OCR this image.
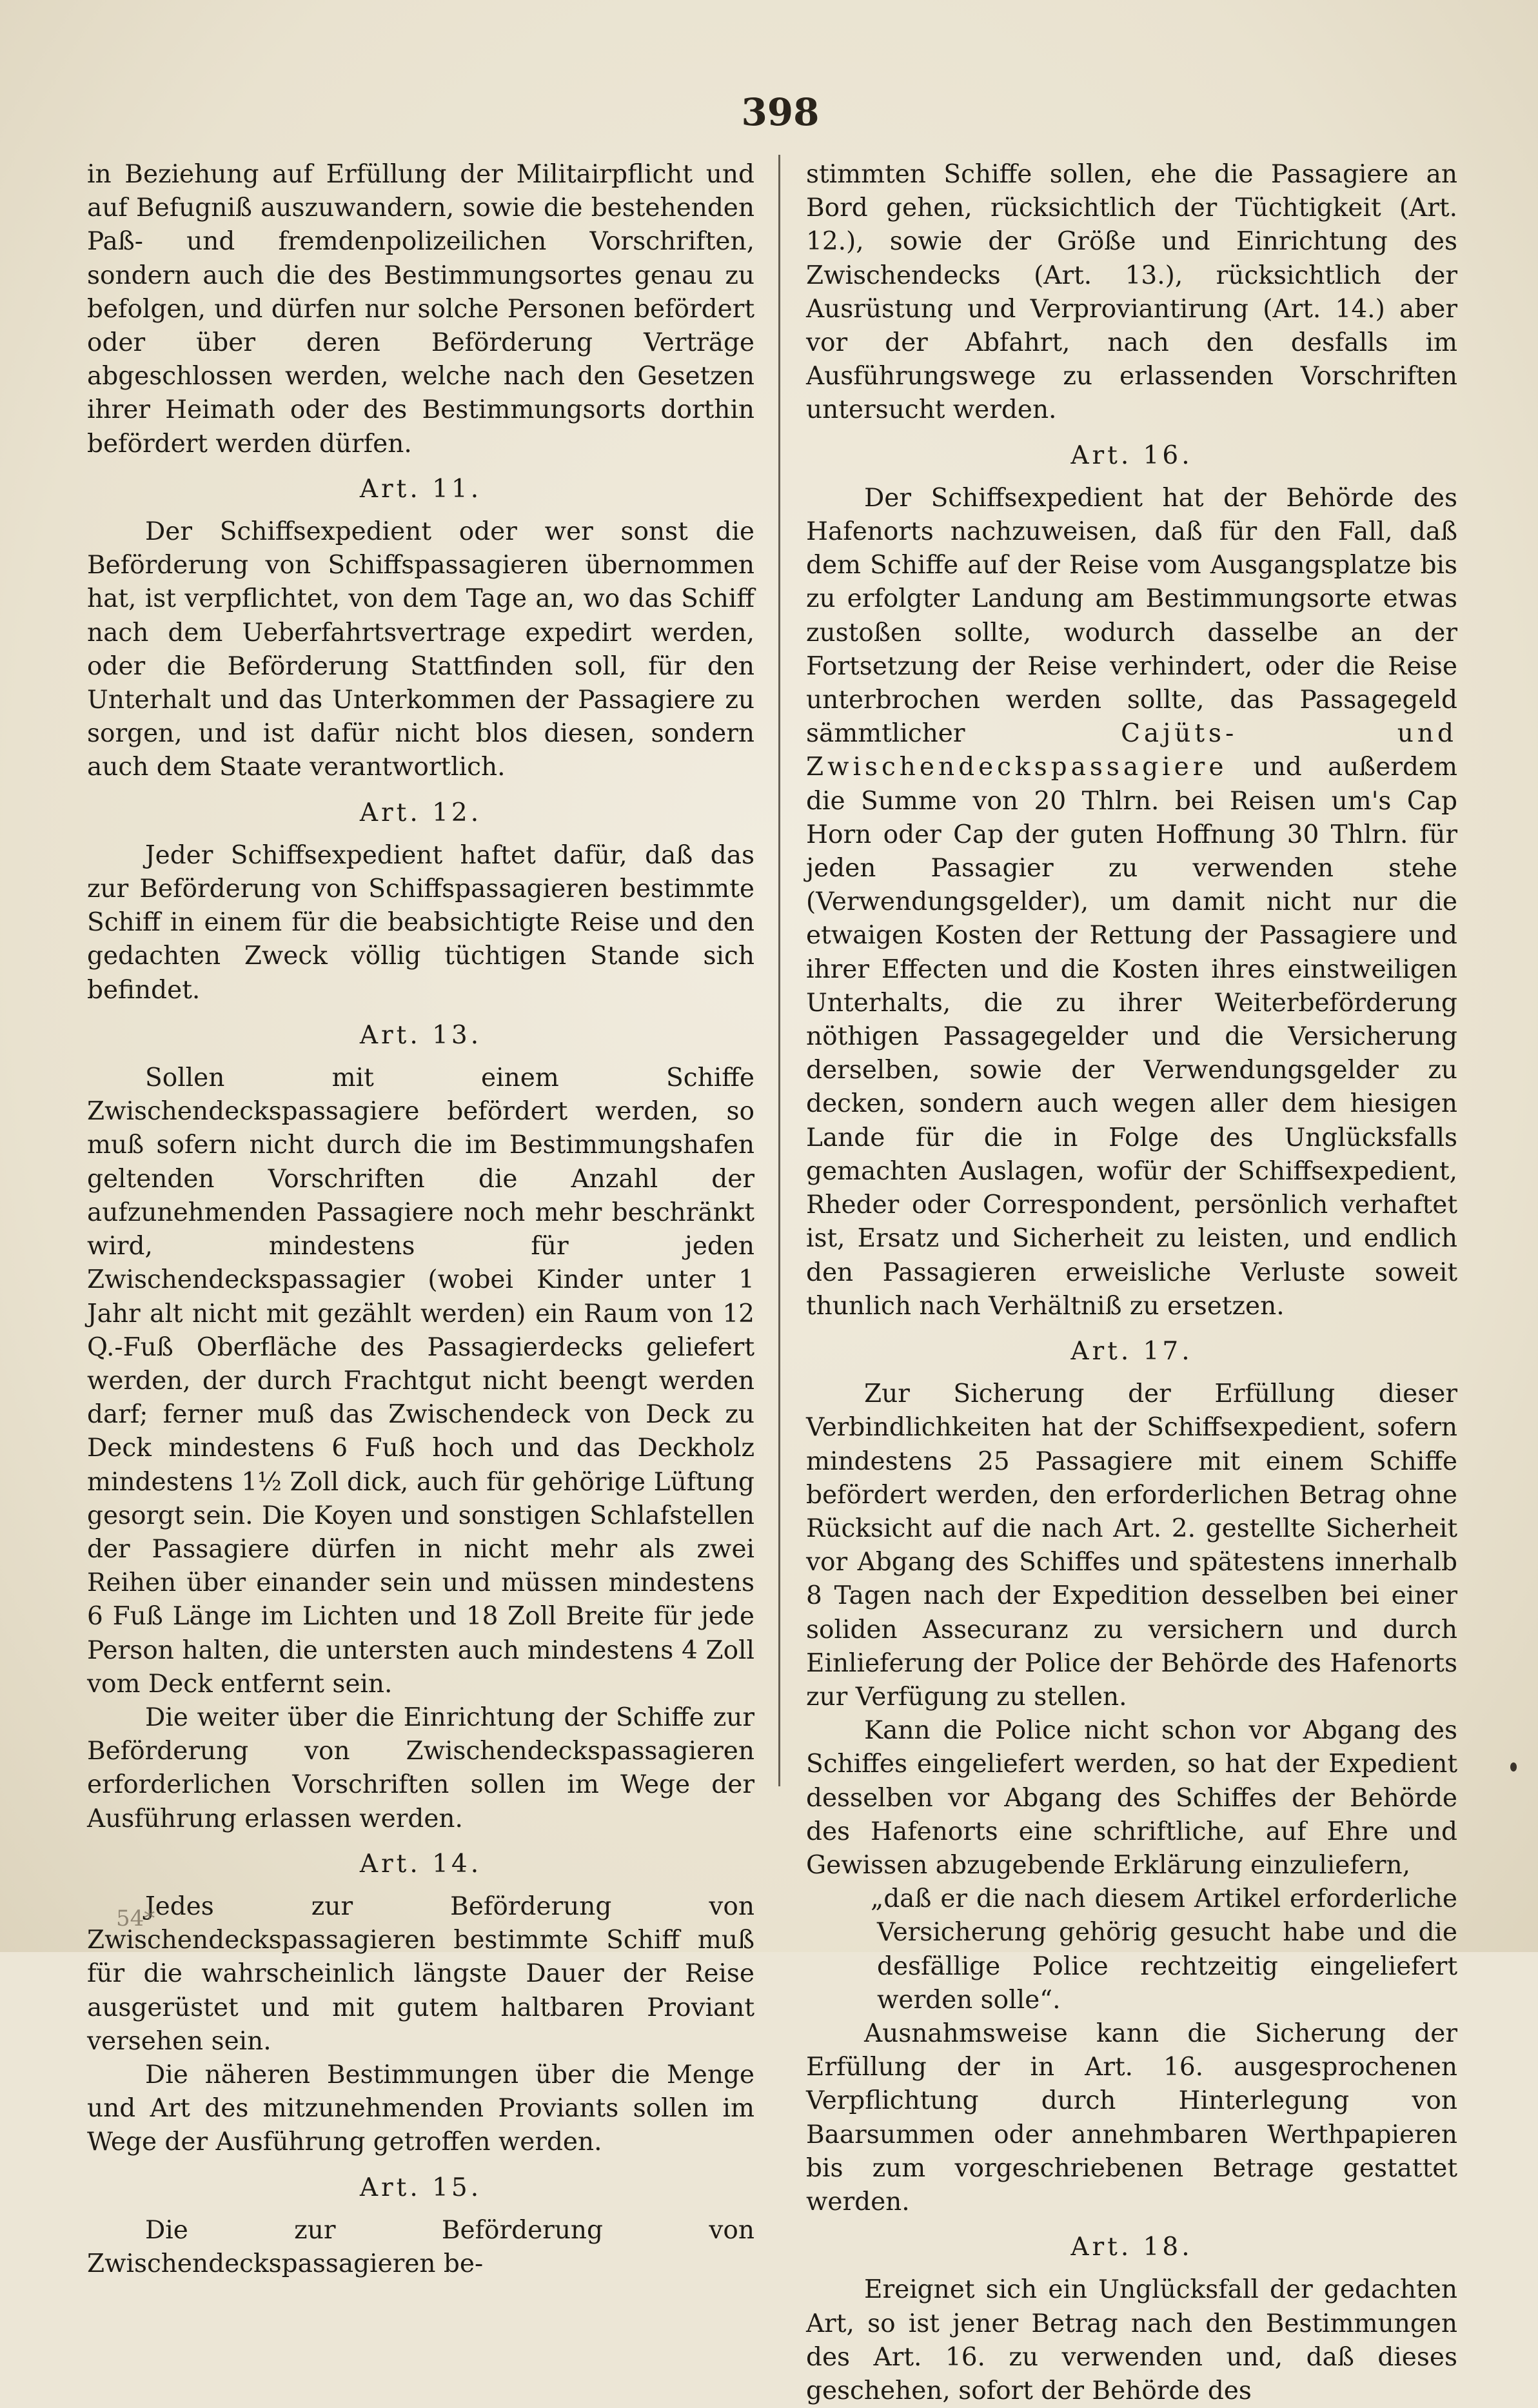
398

in Beziehung auf Erfüllung der Militairpflicht und auf Befugniß auszuwandern, sowie die bestehenden Paß- und fremdenpolizeilichen Vorschriften, sondern auch die des Bestimmungsortes genau zu befolgen, und dürfen nur solche Personen befördert oder über deren Beförderung Verträge abgeschlossen werden, welche nach den Gesetzen ihrer Heimath oder des Bestimmungsorts dorthin befördert werden dürfen.

Art. 11.

Der Schiffsexpedient oder wer sonst die Beförderung von Schiffspassagieren übernommen hat, ist verpflichtet, von dem Tage an, wo das Schiff nach dem Ueberfahrtsvertrage expedirt werden, oder die Beförderung Stattfinden soll, für den Unterhalt und das Unterkommen der Passagiere zu sorgen, und ist dafür nicht blos diesen, sondern auch dem Staate verantwortlich.

Art. 12.

Jeder Schiffsexpedient haftet dafür, daß das zur Beförderung von Schiffspassagieren bestimmte Schiff in einem für die beabsichtigte Reise und den gedachten Zweck völlig tüchtigen Stande sich befindet.

Art. 13.

Sollen mit einem Schiffe Zwischendeckspassagiere befördert werden, so muß sofern nicht durch die im Bestimmungshafen geltenden Vorschriften die Anzahl der aufzunehmenden Passagiere noch mehr beschränkt wird, mindestens für jeden Zwischendeckspassagier (wobei Kinder unter 1 Jahr alt nicht mit gezählt werden) ein Raum von 12 Q.-Fuß Oberfläche des Passagierdecks geliefert werden, der durch Frachtgut nicht beengt werden darf; ferner muß das Zwischendeck von Deck zu Deck mindestens 6 Fuß hoch und das Deckholz mindestens 1½ Zoll dick, auch für gehörige Lüftung gesorgt sein. Die Koyen und sonstigen Schlafstellen der Passagiere dürfen in nicht mehr als zwei Reihen über einander sein und müssen mindestens 6 Fuß Länge im Lichten und 18 Zoll Breite für jede Person halten, die untersten auch mindestens 4 Zoll vom Deck entfernt sein.

Die weiter über die Einrichtung der Schiffe zur Beförderung von Zwischendeckspassagieren erforderlichen Vorschriften sollen im Wege der Ausführung erlassen werden.

Art. 14.

Jedes zur Beförderung von Zwischendeckspassagieren bestimmte Schiff muß für die wahrscheinlich längste Dauer der Reise ausgerüstet und mit gutem haltbaren Proviant versehen sein.

Die näheren Bestimmungen über die Menge und Art des mitzunehmenden Proviants sollen im Wege der Ausführung getroffen werden.

Art. 15.

Die zur Beförderung von Zwischendeckspassagieren be-

stimmten Schiffe sollen, ehe die Passagiere an Bord gehen, rücksichtlich der Tüchtigkeit (Art. 12.), sowie der Größe und Einrichtung des Zwischendecks (Art. 13.), rücksichtlich der Ausrüstung und Verproviantirung (Art. 14.) aber vor der Abfahrt, nach den desfalls im Ausführungswege zu erlassenden Vorschriften untersucht werden.

Art. 16.

Der Schiffsexpedient hat der Behörde des Hafenorts nachzuweisen, daß für den Fall, daß dem Schiffe auf der Reise vom Ausgangsplatze bis zu erfolgter Landung am Bestimmungsorte etwas zustoßen sollte, wodurch dasselbe an der Fortsetzung der Reise verhindert, oder die Reise unterbrochen werden sollte, das Passagegeld sämmtlicher	Cajüts- und Zwischendeckspassagiere und außerdem die Summe von 20 Thlrn. bei Reisen um's Cap Horn oder Cap der guten Hoffnung 30 Thlrn. für jeden Passagier zu verwenden stehe (Verwendungsgelder), um damit nicht nur die etwaigen Kosten der Rettung der Passagiere und ihrer Effecten und die Kosten ihres einstweiligen Unterhalts, die zu ihrer Weiterbeförderung nöthigen Passagegelder und die Versicherung derselben, sowie der Verwendungsgelder zu decken, sondern auch wegen aller dem hiesigen Lande für die in Folge des Unglücksfalls gemachten Auslagen, wofür der Schiffsexpedient, Rheder oder Correspondent, persönlich verhaftet ist, Ersatz und Sicherheit zu leisten, und endlich den Passagieren erweisliche Verluste soweit thunlich nach Verhältniß zu ersetzen.

Art. 17.

Zur Sicherung der Erfüllung dieser Verbindlichkeiten hat der Schiffsexpedient, sofern mindestens 25 Passagiere mit einem Schiffe befördert werden, den erforderlichen Betrag ohne Rücksicht auf die nach Art. 2. gestellte Sicherheit vor Abgang des Schiffes und spätestens innerhalb 8 Tagen nach der Expedition desselben bei einer soliden Assecuranz zu versichern und durch Einlieferung der Police der Behörde des Hafenorts zur Verfügung zu stellen.

Kann die Police nicht schon vor Abgang des Schiffes eingeliefert werden, so hat der Expedient desselben vor Abgang des Schiffes der Behörde des Hafenorts eine schriftliche, auf Ehre und Gewissen abzugebende Erklärung einzuliefern,

„daß er die nach diesem Artikel erforderliche Versicherung gehörig gesucht habe und die desfällige Police rechtzeitig eingeliefert werden solle“.

Ausnahmsweise kann die Sicherung der Erfüllung der in Art. 16. ausgesprochenen Verpflichtung durch Hinterlegung von Baarsummen oder annehmbaren Werthpapieren bis zum vorgeschriebenen Betrage gestattet werden.

Art. 18.

Ereignet sich ein Unglücksfall der gedachten Art, so ist jener Betrag nach den Bestimmungen des Art. 16. zu verwenden und, daß dieses geschehen, sofort der Behörde des

54*
